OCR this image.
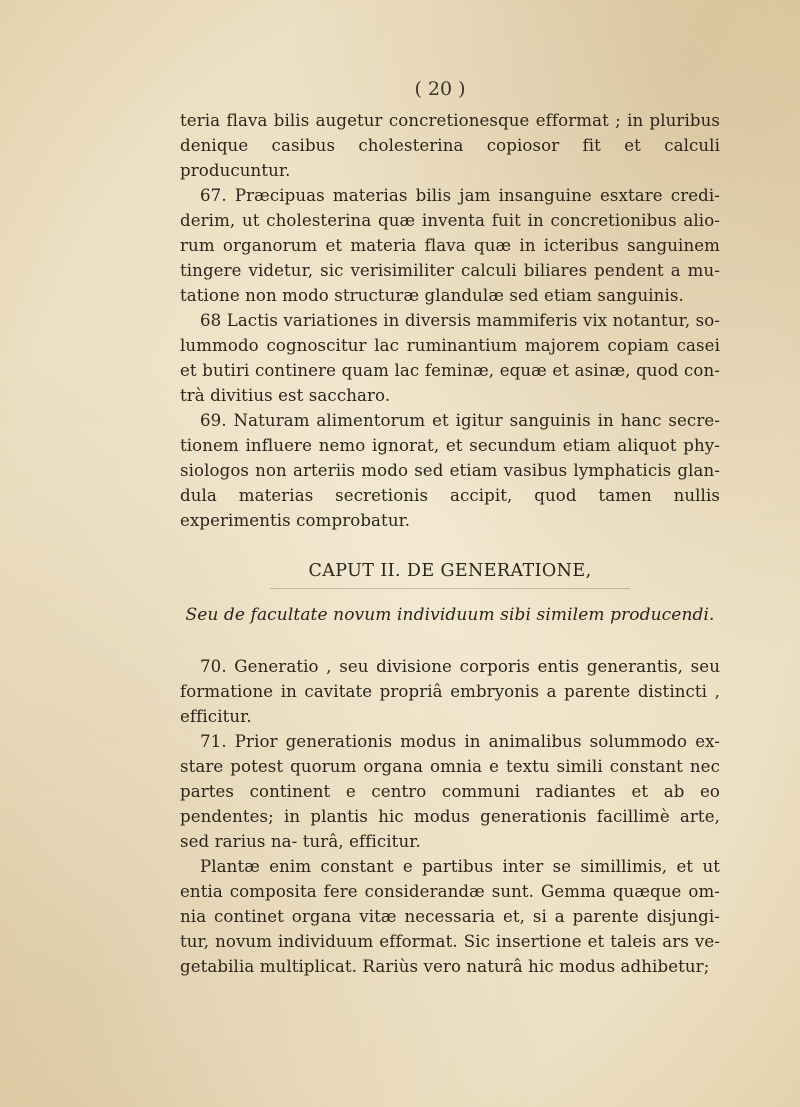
( 20 )

teria flava bilis augetur concretionesque efformat ; in pluribus denique casibus cholesterina copiosor fit et calculi producuntur.

67. Præcipuas materias bilis jam insanguine esxtare credi- derim, ut cholesterina quæ inventa fuit in concretionibus alio- rum organorum et materia flava quæ in icteribus sanguinem tingere videtur, sic verisimiliter calculi biliares pendent a mu- tatione non modo structuræ glandulæ sed etiam sanguinis.

68 Lactis variationes in diversis mammiferis vix notantur, so- lummodo cognoscitur lac ruminantium majorem copiam casei et butiri continere quam lac feminæ, equæ et asinæ, quod con- trà divitius est saccharo.

69. Naturam alimentorum et igitur sanguinis in hanc secre- tionem influere nemo ignorat, et secundum etiam aliquot phy- siologos non arteriis modo sed etiam vasibus lymphaticis glan- dula materias secretionis accipit, quod tamen nullis experimentis comprobatur.

CAPUT II. DE GENERATIONE,
Seu de facultate novum individuum sibi similem producendi.

70. Generatio , seu divisione corporis entis generantis, seu formatione in cavitate propriâ embryonis a parente distincti , efficitur.

71. Prior generationis modus in animalibus solummodo ex- stare potest quorum organa omnia e textu simili constant nec partes continent e centro communi radiantes et ab eo pendentes; in plantis hic modus generationis facillimè arte, sed rarius na- turâ, efficitur.

Plantæ enim constant e partibus inter se simillimis, et ut entia composita fere considerandæ sunt. Gemma quæque om- nia continet organa vitæ necessaria et, si a parente disjungi- tur, novum individuum efformat. Sic insertione et taleis ars ve- getabilia multiplicat. Rariùs vero naturâ hic modus adhibetur;
